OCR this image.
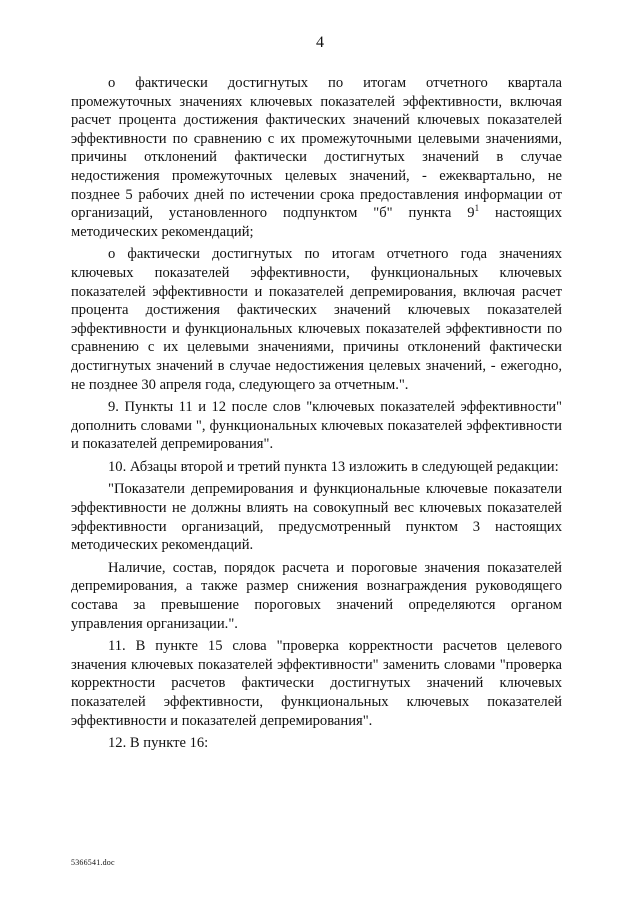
4

о фактически достигнутых по итогам отчетного квартала промежуточных значениях ключевых показателей эффективности, включая расчет процента достижения фактических значений ключевых показателей эффективности по сравнению с их промежуточными целевыми значениями, причины отклонений фактически достигнутых значений в случае недостижения промежуточных целевых значений, - ежеквартально, не позднее 5 рабочих дней по истечении срока предоставления информации от организаций, установленного подпунктом "б" пункта $9^1$ настоящих методических рекомендаций;

о фактически достигнутых по итогам отчетного года значениях ключевых показателей эффективности, функциональных ключевых показателей эффективности и показателей депремирования, включая расчет процента достижения фактических значений ключевых показателей эффективности и функциональных ключевых показателей эффективности по сравнению с их целевыми значениями, причины отклонений фактически достигнутых значений в случае недостижения целевых значений, - ежегодно, не позднее 30 апреля года, следующего за отчетным.".

9. Пункты 11 и 12 после слов "ключевых показателей эффективности" дополнить словами ", функциональных ключевых показателей эффективности и показателей депремирования".

10. Абзацы второй и третий пункта 13 изложить в следующей редакции:

"Показатели депремирования и функциональные ключевые показатели эффективности не должны влиять на совокупный вес ключевых показателей эффективности организаций, предусмотренный пунктом 3 настоящих методических рекомендаций.

Наличие, состав, порядок расчета и пороговые значения показателей депремирования, а также размер снижения вознаграждения руководящего состава за превышение пороговых значений определяются органом управления организации.".

11. В пункте 15 слова "проверка корректности расчетов целевого значения ключевых показателей эффективности" заменить словами "проверка корректности расчетов фактически достигнутых значений ключевых показателей эффективности, функциональных ключевых показателей эффективности и показателей депремирования".

12. В пункте 16:

5366541.doc
